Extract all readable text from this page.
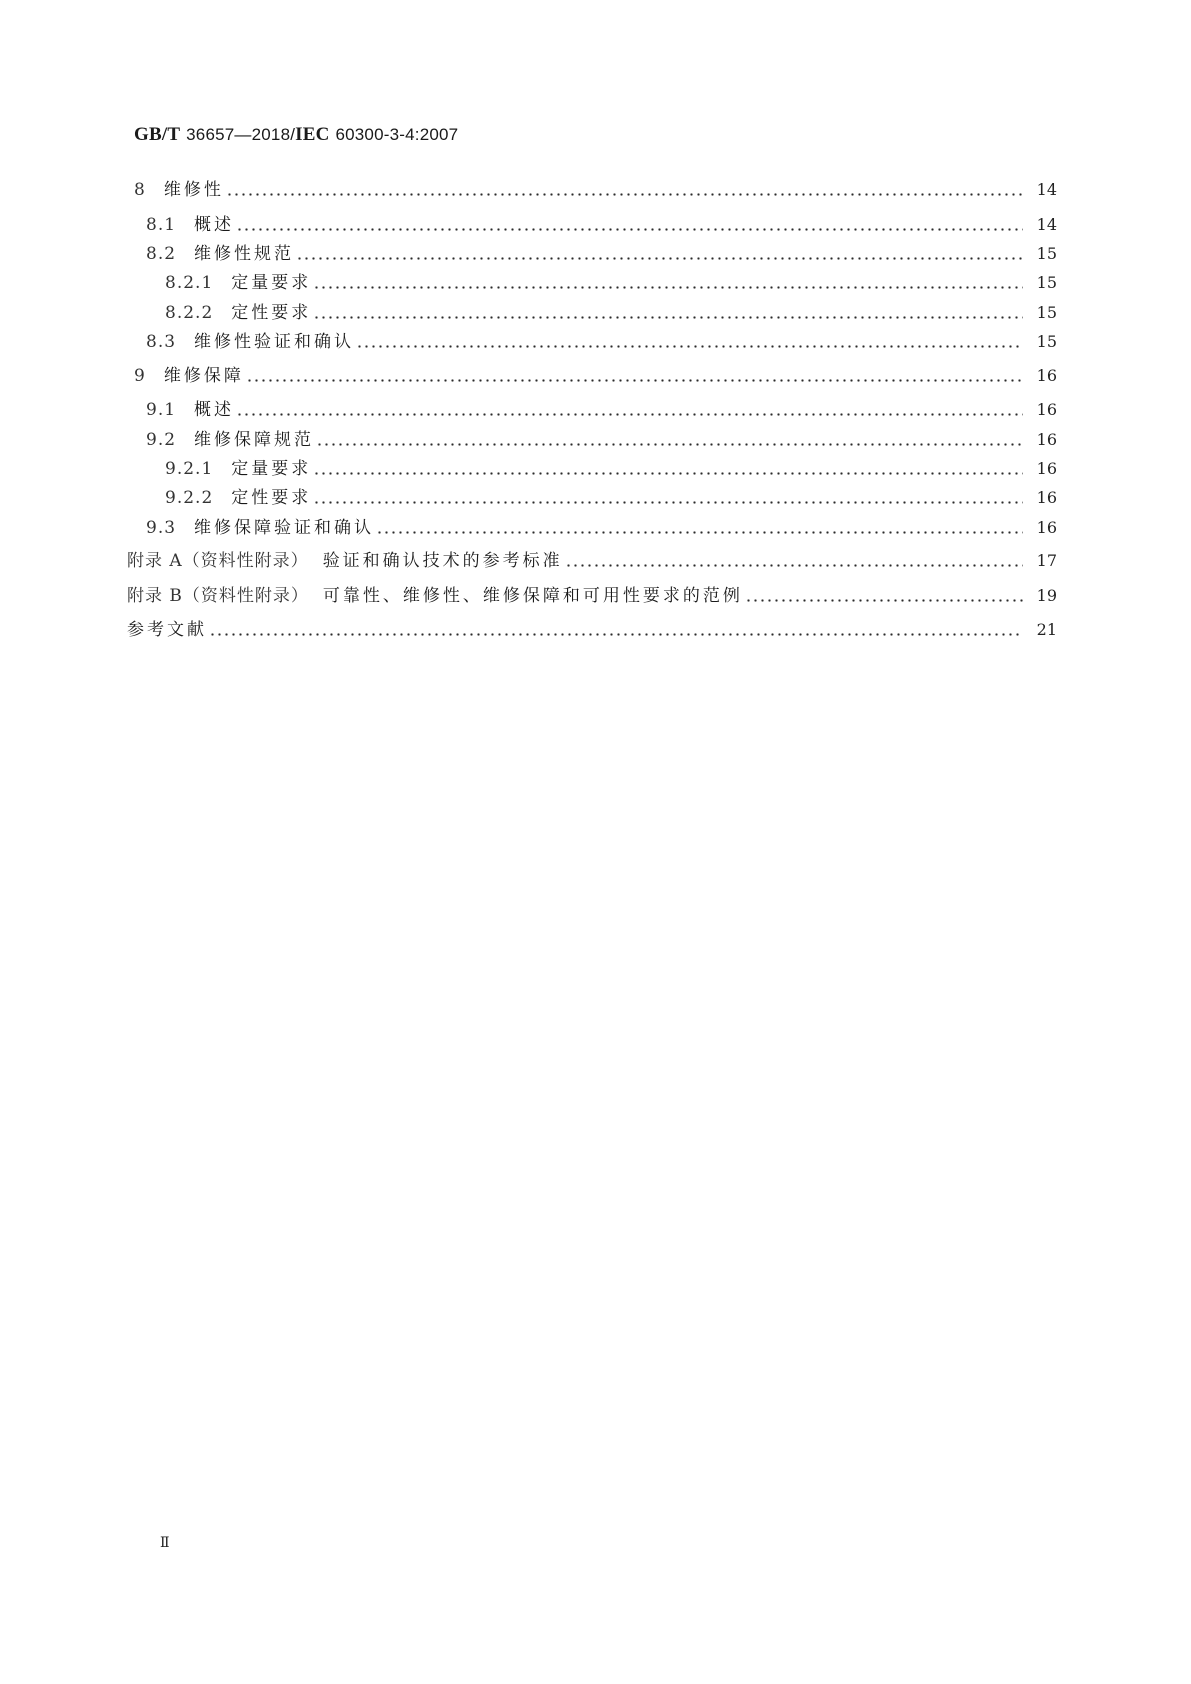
GB/T 36657—2018/IEC 60300-3-4:2007
8 维修性	14
8.1 概述	14
8.2 维修性规范	15
8.2.1 定量要求	15
8.2.2 定性要求	15
8.3 维修性验证和确认	15
9 维修保障	16
9.1 概述	16
9.2 维修保障规范	16
9.2.1 定量要求	16
9.2.2 定性要求	16
9.3 维修保障验证和确认	16
附录 A（资料性附录） 验证和确认技术的参考标准	17
附录 B（资料性附录） 可靠性、维修性、维修保障和可用性要求的范例	19
参考文献	21
Ⅱ
